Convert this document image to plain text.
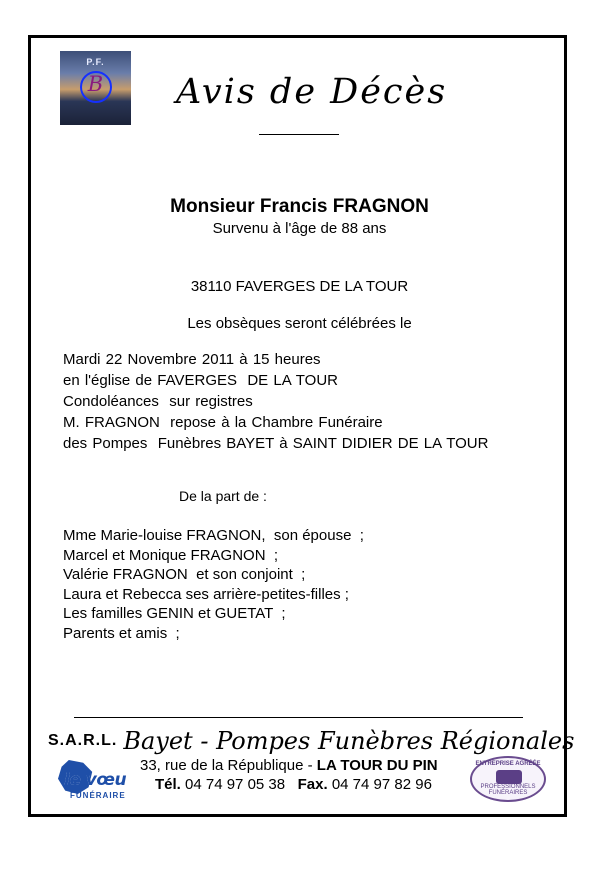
P.F.
B	Avis de Décès
Monsieur Francis FRAGNON
Survenu à l'âge de 88 ans
38110 FAVERGES DE LA TOUR
Les obsèques seront célébrées le
Mardi 22 Novembre 2011 à 15 heures
en l'église de FAVERGES  DE LA TOUR
Condoléances  sur registres
M. FRAGNON  repose à la Chambre Funéraire
des Pompes  Funèbres BAYET à SAINT DIDIER DE LA TOUR
De la part de :
Mme Marie-louise FRAGNON,  son épouse  ;
Marcel et Monique FRAGNON  ;
Valérie FRAGNON  et son conjoint  ;
Laura et Rebecca ses arrière-petites-filles ;
Les familles GENIN et GUETAT  ;
Parents et amis  ;
S.A.R.L. Bayet - Pompes Funèbres Régionales
le vœu
FUNÉRAIRE
33, rue de la République - LA TOUR DU PIN
Tél. 04 74 97 05 38 Fax. 04 74 97 82 96
ENTREPRISE AGRÉÉE
PROFESSIONNELS FUNÉRAIRES
